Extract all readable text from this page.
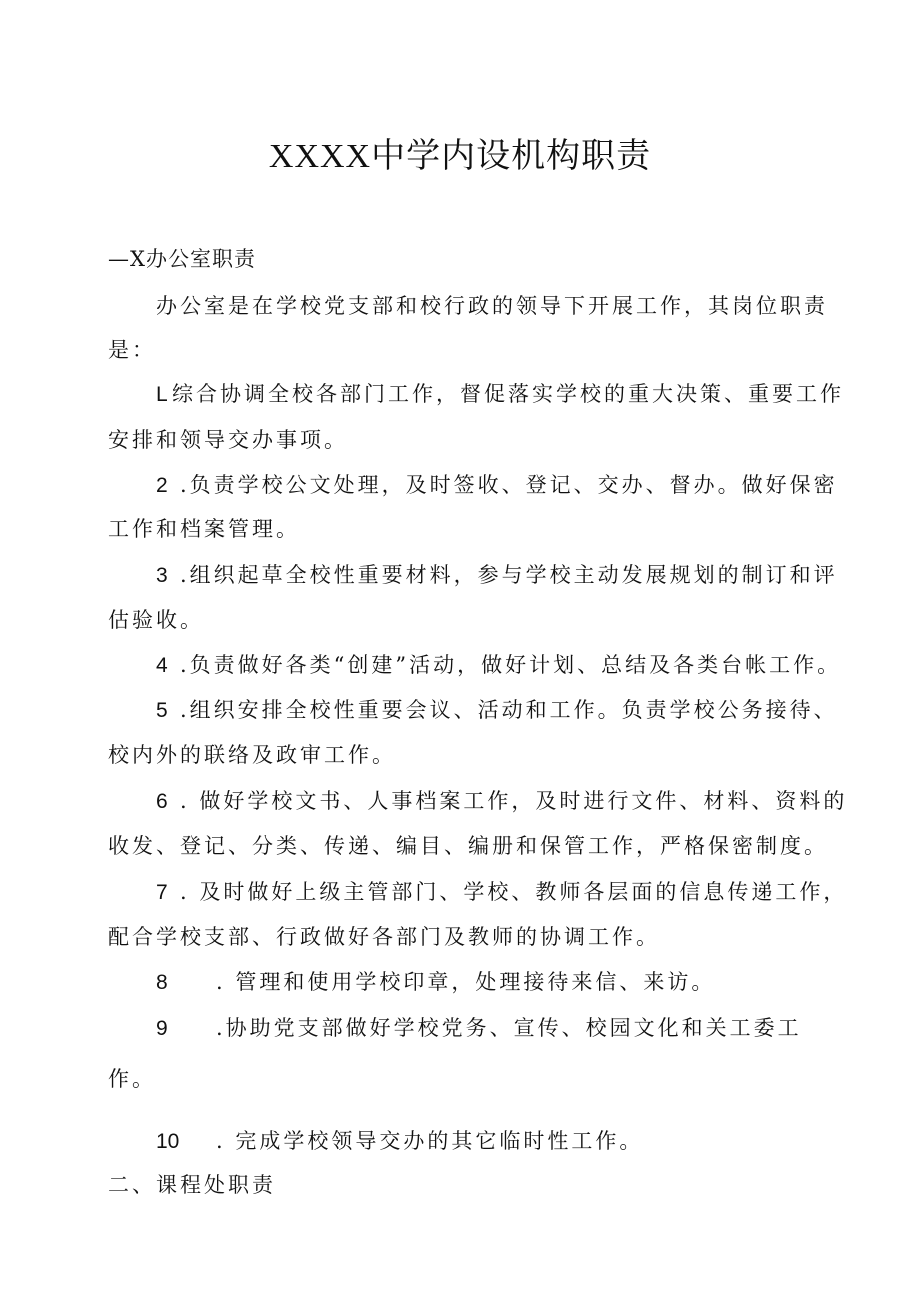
XXXX中学内设机构职责
—X办公室职责
办公室是在学校党支部和校行政的领导下开展工作，其岗位职责
是：
L 综合协调全校各部门工作，督促落实学校的重大决策、重要工作
安排和领导交办事项。
2 .负责学校公文处理，及时签收、登记、交办、督办。做好保密
工作和档案管理。
3 .组织起草全校性重要材料，参与学校主动发展规划的制订和评
估验收。
4 .负责做好各类“创建”活动，做好计划、总结及各类台帐工作。
5 .组织安排全校性重要会议、活动和工作。负责学校公务接待、
校内外的联络及政审工作。
6 . 做好学校文书、人事档案工作，及时进行文件、材料、资料的
收发、登记、分类、传递、编目、编册和保管工作，严格保密制度。
7 . 及时做好上级主管部门、学校、教师各层面的信息传递工作，
配合学校支部、行政做好各部门及教师的协调工作。
8 . 管理和使用学校印章，处理接待来信、来访。
9 .协助党支部做好学校党务、宣传、校园文化和关工委工
作。
10 . 完成学校领导交办的其它临时性工作。
二、课程处职责
